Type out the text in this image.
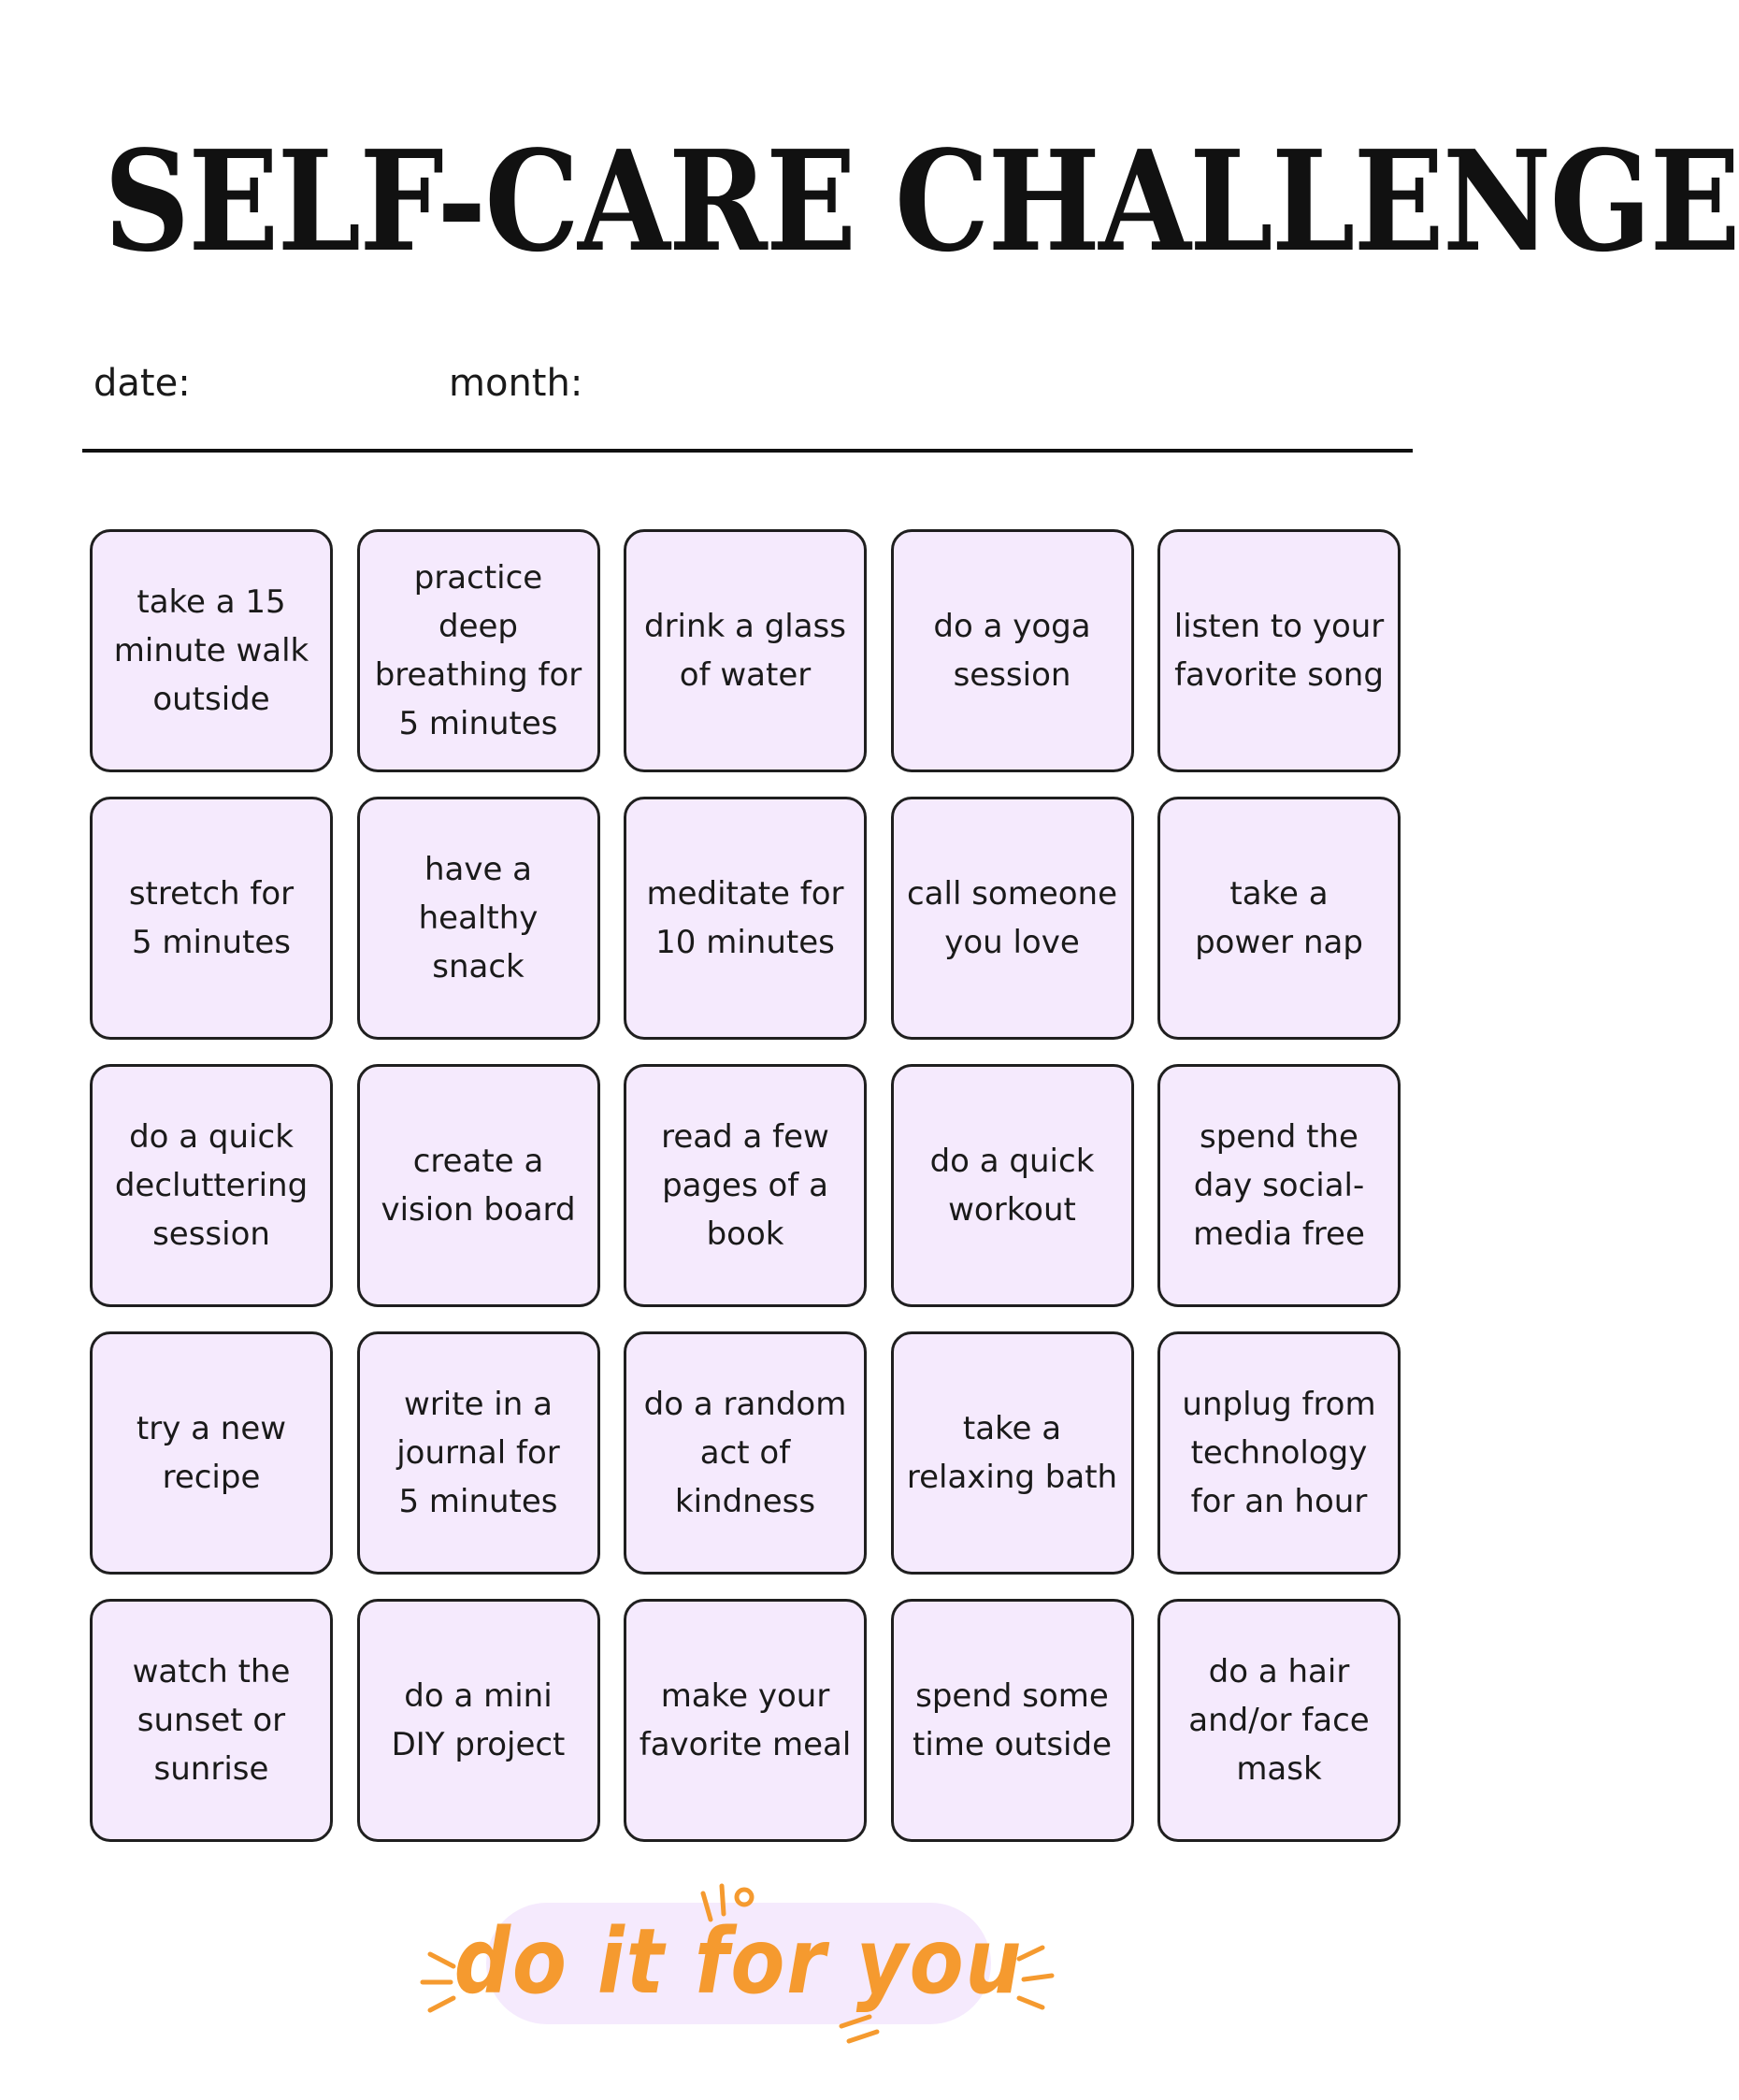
SELF-CARE CHALLENGE
date:	month:
take a 15
minute walk
outside
practice
deep
breathing for
5 minutes
drink a glass
of water
do a yoga
session
listen to your
favorite song
stretch for
5 minutes
have a
healthy
snack
meditate for
10 minutes
call someone
you love
take a
power nap
do a quick
decluttering
session
create a
vision board
read a few
pages of a
book
do a quick
workout
spend the
day social-
media free
try a new
recipe
write in a
journal for
5 minutes
do a random
act of
kindness
take a
relaxing bath
unplug from
technology
for an hour
watch the
sunset or
sunrise
do a mini
DIY project
make your
favorite meal
spend some
time outside
do a hair
and/or face
mask
do it for you
